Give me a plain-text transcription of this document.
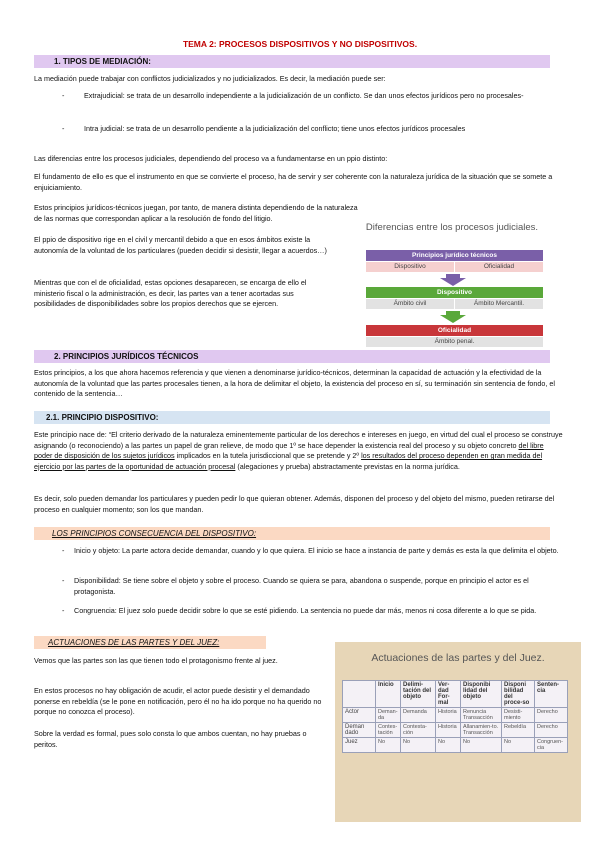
TEMA 2: PROCESOS DISPOSITIVOS Y NO DISPOSITIVOS.
1. TIPOS DE MEDIACIÓN:
La mediación puede trabajar con conflictos judicializados y no judicializados. Es decir, la mediación puede ser:
-	Extrajudicial: se trata de un desarrollo independiente a la judicialización de un conflicto. Se dan unos efectos jurídicos pero no procesales-
-	Intra judicial: se trata de un desarrollo pendiente a la judicialización del conflicto; tiene unos efectos jurídicos procesales
Las diferencias entre los procesos judiciales, dependiendo del proceso va a fundamentarse en un ppio distinto:
El fundamento de ello es que el instrumento en que se convierte el proceso, ha de servir y ser coherente con la naturaleza jurídica de la situación que se somete a enjuiciamiento.
Estos principios jurídicos-técnicos juegan, por tanto, de manera distinta dependiendo de la naturaleza de las normas que correspondan aplicar a la resolución de fondo del litigio.
El ppio de dispositivo rige en el civil y mercantil debido a que en esos ámbitos existe la autonomía de la voluntad de los particulares (pueden decidir si desistir, llegar a acuerdos…)
Mientras que con el de oficialidad, estas opciones desaparecen, se encarga de ello el ministerio fiscal o la administración, es decir, las partes van a tener acortadas sus posibilidades de disponibilidades sobre los propios derechos que se ejercen.
Diferencias entre los procesos judiciales.
Principios jurídico técnicos
Dispositivo	Oficialidad
Dispositivo
Ámbito civil	Ámbito Mercantil.
Oficialidad
Ámbito penal.
2. PRINCIPIOS JURÍDICOS TÉCNICOS
Estos principios, a los que ahora hacemos referencia y que vienen a denominarse jurídico-técnicos, determinan la capacidad de actuación y la efectividad de la autonomía de la voluntad que las partes procesales tienen, a la hora de delimitar el objeto, la existencia del proceso en sí, su terminación sin sentencia de fondo, el contenido de la sentencia…
2.1. PRINCIPIO DISPOSITIVO:
Este principio nace de: “El criterio derivado de la naturaleza eminentemente particular de los derechos e intereses en juego, en virtud del cual el proceso se construye asignando (o reconociendo) a las partes un papel de gran relieve, de modo que 1º se hace depender la existencia real del proceso y su objeto concreto del libre poder de disposición de los sujetos jurídicos implicados en la tutela jurisdiccional que se pretende y 2º los resultados del proceso dependen en gran medida del ejercicio por las partes de la oportunidad de actuación procesal (alegaciones y prueba) abstractamente previstas en la norma jurídica.
Es decir, solo pueden demandar los particulares y pueden pedir lo que quieran obtener. Además, disponen del proceso y del objeto del mismo, pueden retirarse del proceso en cualquier momento; son los que mandan.
LOS PRINCIPIOS CONSECUENCIA DEL DISPOSITIVO:
- Inicio y objeto: La parte actora decide demandar, cuando y lo que quiera. El inicio se hace a instancia de parte y demás es esta la que delimita el objeto.
- Disponibilidad: Se tiene sobre el objeto y sobre el proceso. Cuando se quiera se para, abandona o suspende, porque en principio el actor es el protagonista.
- Congruencia: El juez solo puede decidir sobre lo que se esté pidiendo. La sentencia no puede dar más, menos ni cosa diferente a lo que se pida.
ACTUACIONES DE LAS PARTES Y DEL JUEZ:
Vemos que las partes son las que tienen todo el protagonismo frente al juez.
En estos procesos no hay obligación de acudir, el actor puede desistir y el demandado ponerse en rebeldía (se le pone en notificación, pero él no ha ido porque no ha querido no porque no conozca el proceso).
Sobre la verdad es formal, pues solo consta lo que ambos cuentan, no hay pruebas o peritos.
Actuaciones de las partes y del Juez.
	Inicio	Delimi-tación del objeto	Ver-dad For-mal	Disponibi lidad del objeto	Disponi bilidad del proce-so	Senten-cia
Actor	Deman-da	Demanda	Historia	Renuncia Transacción	Desisti-miento	Derecho
Deman dado	Contes-tación	Contesta-ción	Historia	Allanamien-to. Transacción	Rebeldía	Derecho
Juez	No	No	No	No	No	Congruen-cia
